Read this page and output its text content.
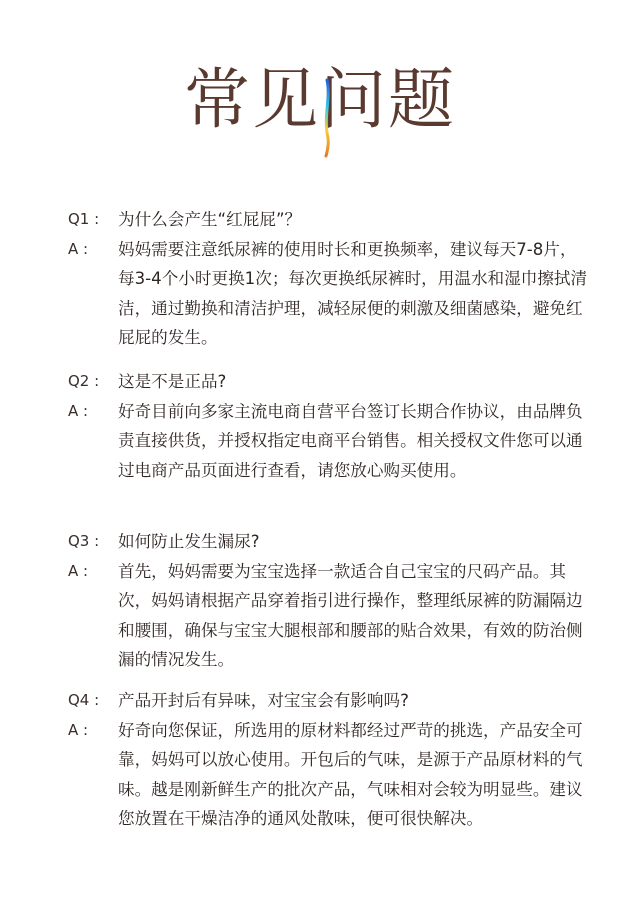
常见问题
Q1 :	为什么会产生“红屁屁”？
A :	妈妈需要注意纸尿裤的使用时长和更换频率，建议每天7-8片，每3-4个小时更换1次；每次更换纸尿裤时，用温水和湿巾擦拭清洁，通过勤换和清洁护理，减轻尿便的刺激及细菌感染，避免红屁屁的发生。
Q2 :	这是不是正品?
A :	好奇目前向多家主流电商自营平台签订长期合作协议，由品牌负责直接供货，并授权指定电商平台销售。相关授权文件您可以通过电商产品页面进行查看，请您放心购买使用。
Q3 :	如何防止发生漏尿?
A :	首先，妈妈需要为宝宝选择一款适合自己宝宝的尺码产品。其次，妈妈请根据产品穿着指引进行操作，整理纸尿裤的防漏隔边和腰围，确保与宝宝大腿根部和腰部的贴合效果，有效的防治侧漏的情况发生。
Q4 :	产品开封后有异味，对宝宝会有影响吗?
A :	好奇向您保证，所选用的原材料都经过严苛的挑选，产品安全可靠，妈妈可以放心使用。开包后的气味，是源于产品原材料的气味。越是刚新鲜生产的批次产品，气味相对会较为明显些。建议您放置在干燥洁净的通风处散味，便可很快解决。
